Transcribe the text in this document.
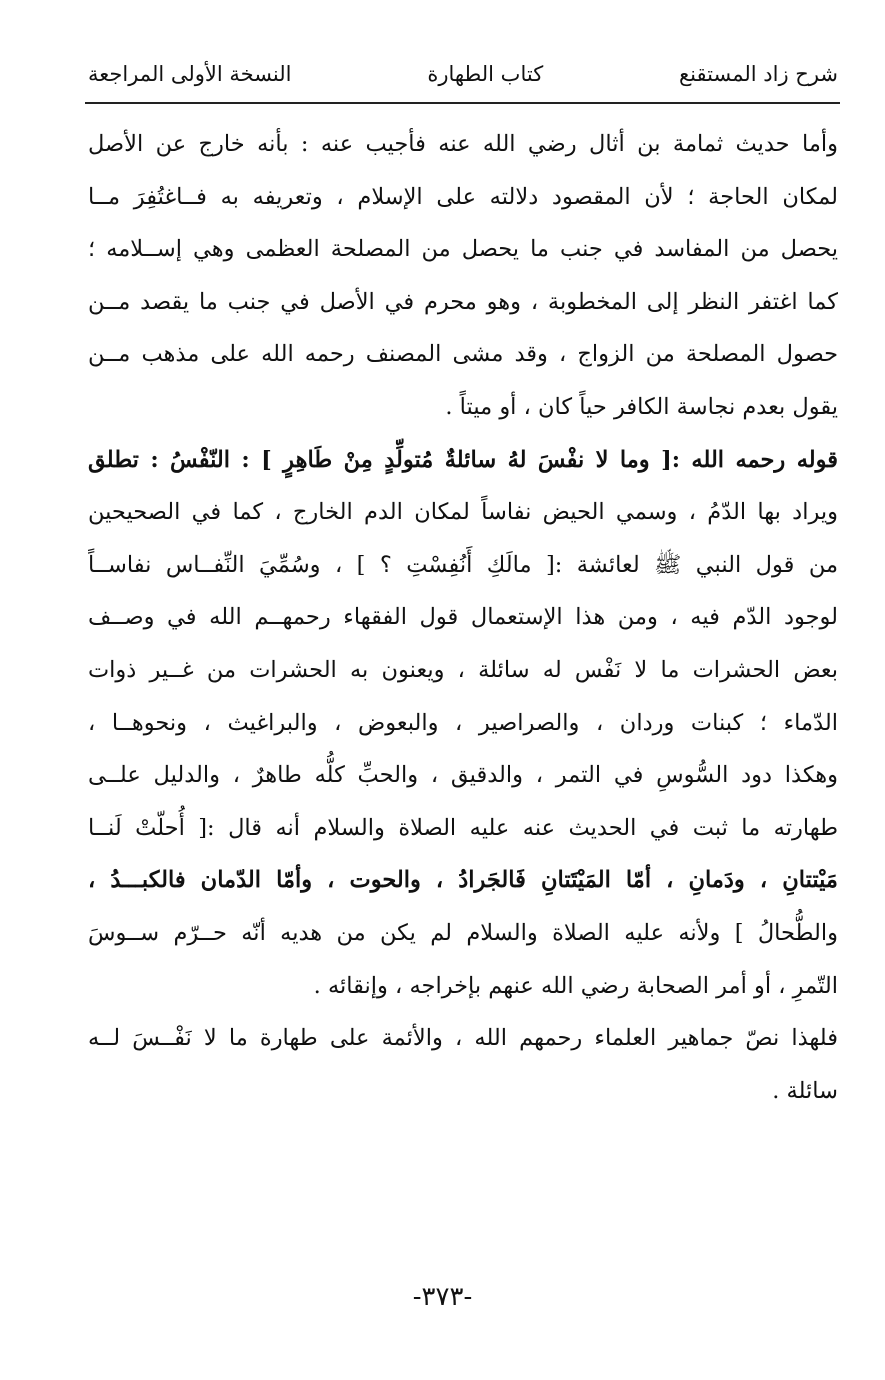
شرح زاد المستقنع
كتاب الطهارة
النسخة الأولى المراجعة
وأما حديث ثمامة بن أثال رضي الله عنه فأجيب عنه : بأنه خارج عن الأصل
لمكان الحاجة ؛ لأن المقصود دلالته على الإسلام ، وتعريفه به فــاغتُفِرَ مــا
يحصل من المفاسد في جنب ما يحصل من المصلحة العظمى وهي إســلامه ؛
كما اغتفر النظر إلى المخطوبة ، وهو محرم في الأصل في جنب ما يقصد مــن
حصول المصلحة من الزواج ، وقد مشى المصنف رحمه الله على مذهب مــن
يقول بعدم نجاسة الكافر حياً كان ، أو ميتاً .
قوله رحمه الله :[ وما لا نفْسَ لهُ سائلةٌ مُتولِّدٍ مِنْ طَاهِرٍ ] : النّفْسُ : تطلق
ويراد بها الدّمُ ، وسمي الحيض نفاساً لمكان الدم الخارج ، كما في الصحيحين
من قول النبي ﷺ لعائشة :[ مالَكِ أَنُفِسْتِ ؟ ] ، وسُمِّيَ النِّفــاس نفاســاً
لوجود الدّم فيه ، ومن هذا الإستعمال قول الفقهاء رحمهــم الله في وصــف
بعض الحشرات ما لا نَفْس له سائلة ، ويعنون به الحشرات من غــير ذوات
الدّماء ؛ كبنات وردان ، والصراصير ، والبعوض ، والبراغيث ، ونحوهــا ،
وهكذا دود السُّوسِ في التمر ، والدقيق ، والحبِّ كلُّه طاهرٌ ، والدليل علــى
طهارته ما ثبت في الحديث عنه عليه الصلاة والسلام أنه قال :[ أُحلّتْ لَنــا
مَيْتتانِ ، ودَمانِ ، أمّا المَيْتَتانِ فَالجَرادُ ، والحوت ، وأمّا الدّمان فالكبـــدُ ،
والطُّحالُ ] ولأنه عليه الصلاة والسلام لم يكن من هديه أنّه حــرّم ســوسَ
التّمرِ ، أو أمر الصحابة رضي الله عنهم بإخراجه ، وإنقائه .
فلهذا نصّ جماهير العلماء رحمهم الله ، والأئمة على طهارة ما لا نَفْــسَ لــه
سائلة .
-٣٧٣-
